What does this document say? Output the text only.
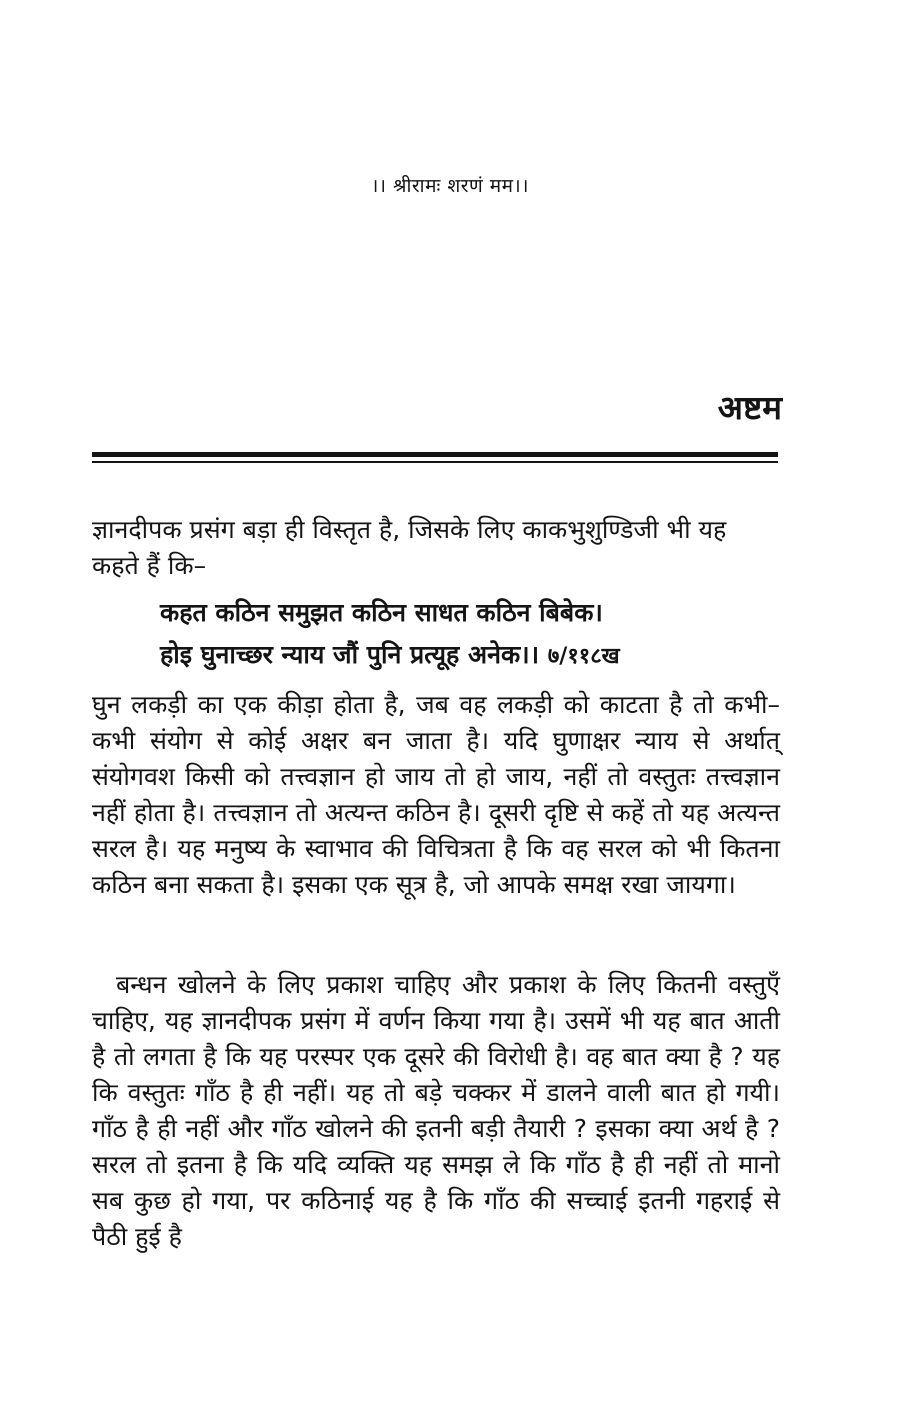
।। श्रीरामः शरणं मम।।
अष्टम
ज्ञानदीपक प्रसंग बड़ा ही विस्तृत है, जिसके लिए काकभुशुण्डिजी भी यह कहते हैं कि–
कहत कठिन समुझत कठिन साधत कठिन बिबेक।
होइ घुनाच्छर न्याय जौं पुनि प्रत्यूह अनेक।। ७/११८ख
घुन लकड़ी का एक कीड़ा होता है, जब वह लकड़ी को काटता है तो कभी–कभी संयोग से कोई अक्षर बन जाता है। यदि घुणाक्षर न्याय से अर्थात् संयोगवश किसी को तत्त्वज्ञान हो जाय तो हो जाय, नहीं तो वस्तुतः तत्त्वज्ञान नहीं होता है। तत्त्वज्ञान तो अत्यन्त कठिन है। दूसरी दृष्टि से कहें तो यह अत्यन्त सरल है। यह मनुष्य के स्वाभाव की विचित्रता है कि वह सरल को भी कितना कठिन बना सकता है। इसका एक सूत्र है, जो आपके समक्ष रखा जायगा।
बन्धन खोलने के लिए प्रकाश चाहिए और प्रकाश के लिए कितनी वस्तुएँ चाहिए, यह ज्ञानदीपक प्रसंग में वर्णन किया गया है। उसमें भी यह बात आती है तो लगता है कि यह परस्पर एक दूसरे की विरोधी है। वह बात क्या है ? यह कि वस्तुतः गाँठ है ही नहीं। यह तो बड़े चक्कर में डालने वाली बात हो गयी। गाँठ है ही नहीं और गाँठ खोलने की इतनी बड़ी तैयारी ? इसका क्या अर्थ है ? सरल तो इतना है कि यदि व्यक्ति यह समझ ले कि गाँठ है ही नहीं तो मानो सब कुछ हो गया, पर कठिनाई यह है कि गाँठ की सच्चाई इतनी गहराई से पैठी हुई है
